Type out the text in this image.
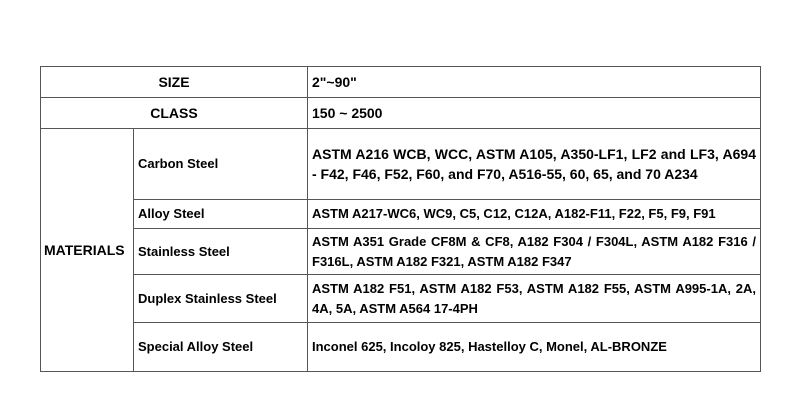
SIZE		2"~90"
CLASS		150 ~ 2500
MATERIALS	Carbon Steel	ASTM A216 WCB, WCC, ASTM A105, A350-LF1, LF2 and LF3, A694 - F42, F46, F52, F60, and F70, A516-55, 60, 65, and 70 A234
	Alloy Steel	ASTM A217-WC6, WC9, C5, C12, C12A, A182-F11, F22, F5, F9, F91
	Stainless Steel	ASTM A351 Grade CF8M & CF8, A182 F304 / F304L, ASTM A182 F316 / F316L, ASTM A182 F321, ASTM A182 F347
	Duplex Stainless Steel	ASTM A182 F51, ASTM A182 F53, ASTM A182 F55, ASTM A995-1A, 2A, 4A, 5A, ASTM A564 17-4PH
	Special Alloy Steel	Inconel 625, Incoloy 825, Hastelloy C, Monel, AL-BRONZE
